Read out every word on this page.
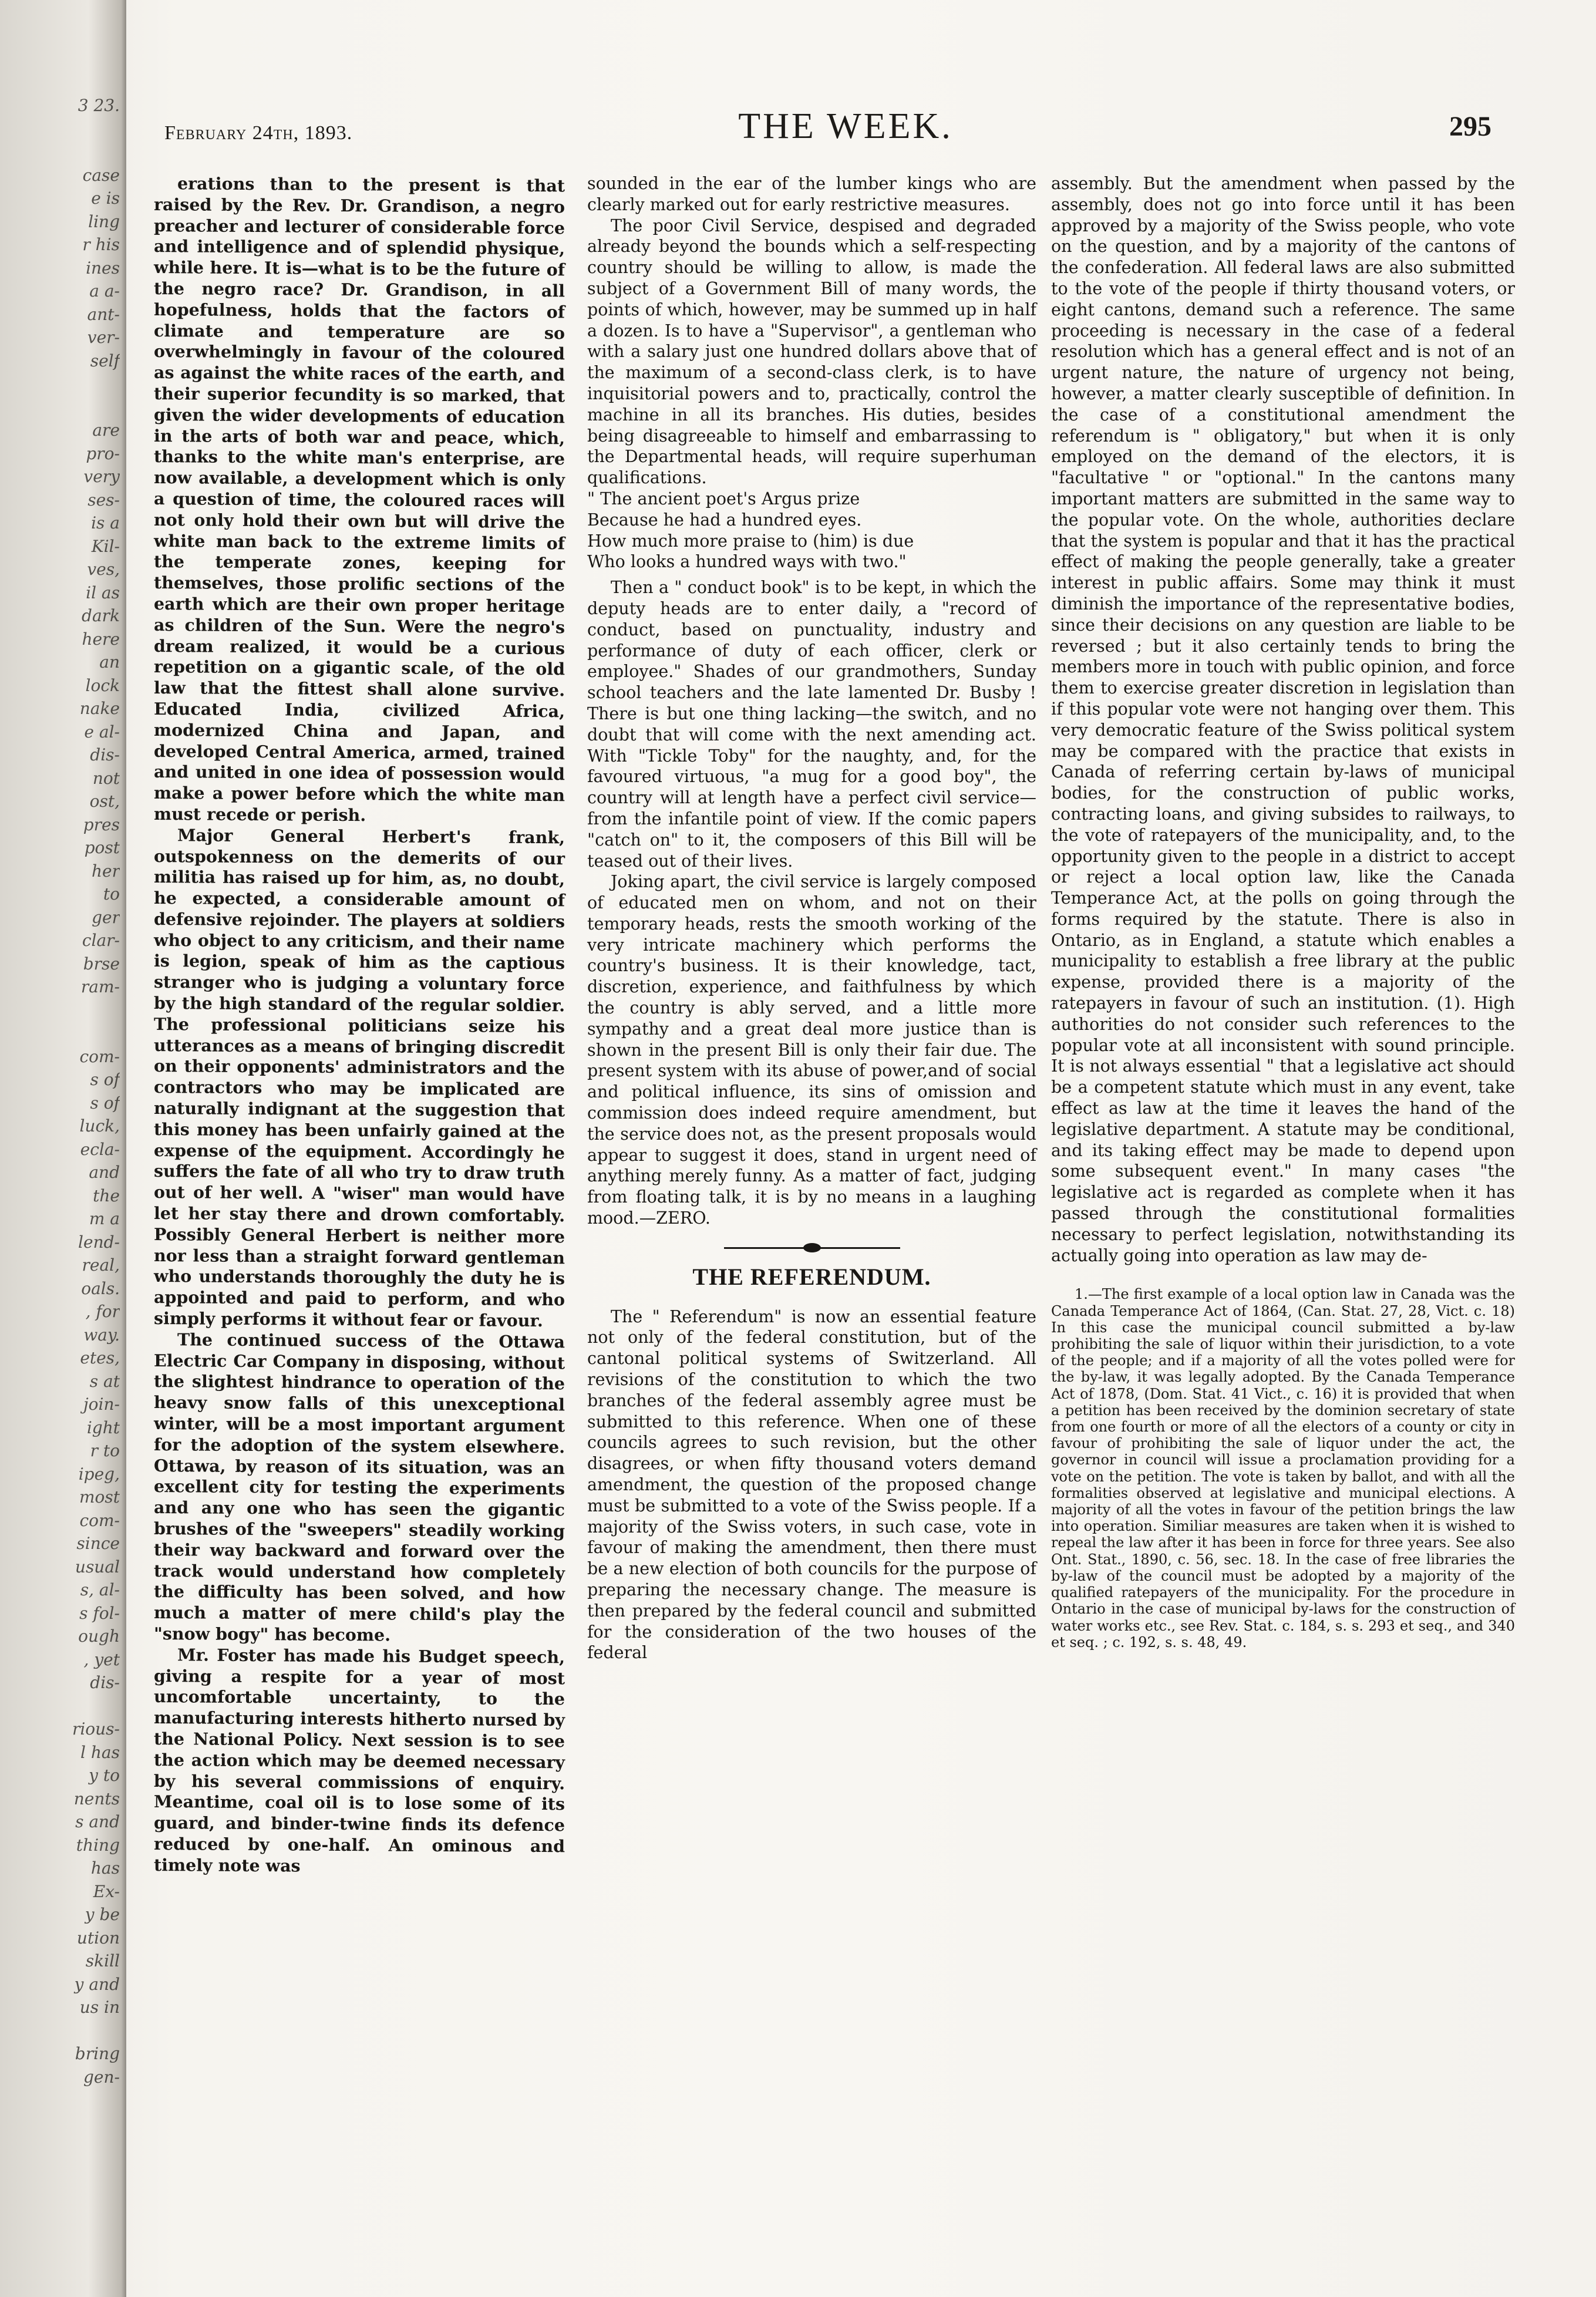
3 23.
case
e is
ling
r his
ines
a a-
ant-
ver-
self
are
pro-
very
ses-
is a
Kil-
ves,
il as
dark
here
an
lock
nake
e al-
dis-
not
ost,
pres
post
her
to
ger
clar-
brse
ram-
com-
s of
s of
luck,
ecla-
and
the
m a
lend-
real,
oals.
, for
way.
etes,
s at
join-
ight
r to
ipeg,
most
com-
since
usual
s, al-
s fol-
ough
, yet
dis-
rious-
l has
y to
nents
s and
thing
has
Ex-
y be
ution
skill
y and
us in
bring
gen-
February 24th, 1893.	THE WEEK.	295

erations than to the present is that raised by the Rev. Dr. Grandison, a negro preacher and lecturer of considerable force and intelligence and of splendid physique, while here. It is—what is to be the future of the negro race? Dr. Grandison, in all hopefulness, holds that the factors of climate and temperature are so overwhelmingly in favour of the coloured as against the white races of the earth, and their superior fecundity is so marked, that given the wider developments of education in the arts of both war and peace, which, thanks to the white man's enterprise, are now available, a development which is only a question of time, the coloured races will not only hold their own but will drive the white man back to the extreme limits of the temperate zones, keeping for themselves, those prolific sections of the earth which are their own proper heritage as children of the Sun. Were the negro's dream realized, it would be a curious repetition on a gigantic scale, of the old law that the fittest shall alone survive. Educated India, civilized Africa, modernized China and Japan, and developed Central America, armed, trained and united in one idea of possession would make a power before which the white man must recede or perish.

Major General Herbert's frank, outspokenness on the demerits of our militia has raised up for him, as, no doubt, he expected, a considerable amount of defensive rejoinder. The players at soldiers who object to any criticism, and their name is legion, speak of him as the captious stranger who is judging a voluntary force by the high standard of the regular soldier. The professional politicians seize his utterances as a means of bringing discredit on their opponents' administrators and the contractors who may be implicated are naturally indignant at the suggestion that this money has been unfairly gained at the expense of the equipment. Accordingly he suffers the fate of all who try to draw truth out of her well. A "wiser" man would have let her stay there and drown comfortably. Possibly General Herbert is neither more nor less than a straight forward gentleman who understands thoroughly the duty he is appointed and paid to perform, and who simply performs it without fear or favour.

The continued success of the Ottawa Electric Car Company in disposing, without the slightest hindrance to operation of the heavy snow falls of this unexceptional winter, will be a most important argument for the adoption of the system elsewhere. Ottawa, by reason of its situation, was an excellent city for testing the experiments and any one who has seen the gigantic brushes of the "sweepers" steadily working their way backward and forward over the track would understand how completely the difficulty has been solved, and how much a matter of mere child's play the "snow bogy" has become.

Mr. Foster has made his Budget speech, giving a respite for a year of most uncomfortable uncertainty, to the manufacturing interests hitherto nursed by the National Policy. Next session is to see the action which may be deemed necessary by his several commissions of enquiry. Meantime, coal oil is to lose some of its guard, and binder-twine finds its defence reduced by one-half. An ominous and timely note was

sounded in the ear of the lumber kings who are clearly marked out for early restrictive measures.

The poor Civil Service, despised and degraded already beyond the bounds which a self-respecting country should be willing to allow, is made the subject of a Government Bill of many words, the points of which, however, may be summed up in half a dozen. Is to have a "Supervisor", a gentleman who with a salary just one hundred dollars above that of the maximum of a second-class clerk, is to have inquisitorial powers and to, practically, control the machine in all its branches. His duties, besides being disagreeable to himself and embarrassing to the Departmental heads, will require superhuman qualifications.

" The ancient poet's Argus prize
Because he had a hundred eyes.
How much more praise to (him) is due
Who looks a hundred ways with two."

Then a " conduct book" is to be kept, in which the deputy heads are to enter daily, a "record of conduct, based on punctuality, industry and performance of duty of each officer, clerk or employee." Shades of our grandmothers, Sunday school teachers and the late lamented Dr. Busby ! There is but one thing lacking—the switch, and no doubt that will come with the next amending act. With "Tickle Toby" for the naughty, and, for the favoured virtuous, "a mug for a good boy", the country will at length have a perfect civil service—from the infantile point of view. If the comic papers "catch on" to it, the composers of this Bill will be teased out of their lives.

Joking apart, the civil service is largely composed of educated men on whom, and not on their temporary heads, rests the smooth working of the very intricate machinery which performs the country's business. It is their knowledge, tact, discretion, experience, and faithfulness by which the country is ably served, and a little more sympathy and a great deal more justice than is shown in the present Bill is only their fair due. The present system with its abuse of power,and of social and political influence, its sins of omission and commission does indeed require amendment, but the service does not, as the present proposals would appear to suggest it does, stand in urgent need of anything merely funny. As a matter of fact, judging from floating talk, it is by no means in a laughing mood.—ZERO.

THE REFERENDUM.

The " Referendum" is now an essential feature not only of the federal constitution, but of the cantonal political systems of Switzerland. All revisions of the constitution to which the two branches of the federal assembly agree must be submitted to this reference. When one of these councils agrees to such revision, but the other disagrees, or when fifty thousand voters demand amendment, the question of the proposed change must be submitted to a vote of the Swiss people. If a majority of the Swiss voters, in such case, vote in favour of making the amendment, then there must be a new election of both councils for the purpose of preparing the necessary change. The measure is then prepared by the federal council and submitted for the consideration of the two houses of the federal

assembly. But the amendment when passed by the assembly, does not go into force until it has been approved by a majority of the Swiss people, who vote on the question, and by a majority of the cantons of the confederation. All federal laws are also submitted to the vote of the people if thirty thousand voters, or eight cantons, demand such a reference. The same proceeding is necessary in the case of a federal resolution which has a general effect and is not of an urgent nature, the nature of urgency not being, however, a matter clearly susceptible of definition. In the case of a constitutional amendment the referendum is " obligatory," but when it is only employed on the demand of the electors, it is "facultative " or "optional." In the cantons many important matters are submitted in the same way to the popular vote. On the whole, authorities declare that the system is popular and that it has the practical effect of making the people generally, take a greater interest in public affairs. Some may think it must diminish the importance of the representative bodies, since their decisions on any question are liable to be reversed ; but it also certainly tends to bring the members more in touch with public opinion, and force them to exercise greater discretion in legislation than if this popular vote were not hanging over them. This very democratic feature of the Swiss political system may be compared with the practice that exists in Canada of referring certain by-laws of municipal bodies, for the construction of public works, contracting loans, and giving subsides to railways, to the vote of ratepayers of the municipality, and, to the opportunity given to the people in a district to accept or reject a local option law, like the Canada Temperance Act, at the polls on going through the forms required by the statute. There is also in Ontario, as in England, a statute which enables a municipality to establish a free library at the public expense, provided there is a majority of the ratepayers in favour of such an institution. (1). High authorities do not consider such references to the popular vote at all inconsistent with sound principle. It is not always essential " that a legislative act should be a competent statute which must in any event, take effect as law at the time it leaves the hand of the legislative department. A statute may be conditional, and its taking effect may be made to depend upon some subsequent event." In many cases "the legislative act is regarded as complete when it has passed through the constitutional formalities necessary to perfect legislation, notwithstanding its actually going into operation as law may de-

1.—The first example of a local option law in Canada was the Canada Temperance Act of 1864, (Can. Stat. 27, 28, Vict. c. 18) In this case the municipal council submitted a by-law prohibiting the sale of liquor within their jurisdiction, to a vote of the people; and if a majority of all the votes polled were for the by-law, it was legally adopted. By the Canada Temperance Act of 1878, (Dom. Stat. 41 Vict., c. 16) it is provided that when a petition has been received by the dominion secretary of state from one fourth or more of all the electors of a county or city in favour of prohibiting the sale of liquor under the act, the governor in council will issue a proclamation providing for a vote on the petition. The vote is taken by ballot, and with all the formalities observed at legislative and municipal elections. A majority of all the votes in favour of the petition brings the law into operation. Similiar measures are taken when it is wished to repeal the law after it has been in force for three years. See also Ont. Stat., 1890, c. 56, sec. 18. In the case of free libraries the by-law of the council must be adopted by a majority of the qualified ratepayers of the municipality. For the procedure in Ontario in the case of municipal by-laws for the construction of water works etc., see Rev. Stat. c. 184, s. s. 293 et seq., and 340 et seq. ; c. 192, s. s. 48, 49.
